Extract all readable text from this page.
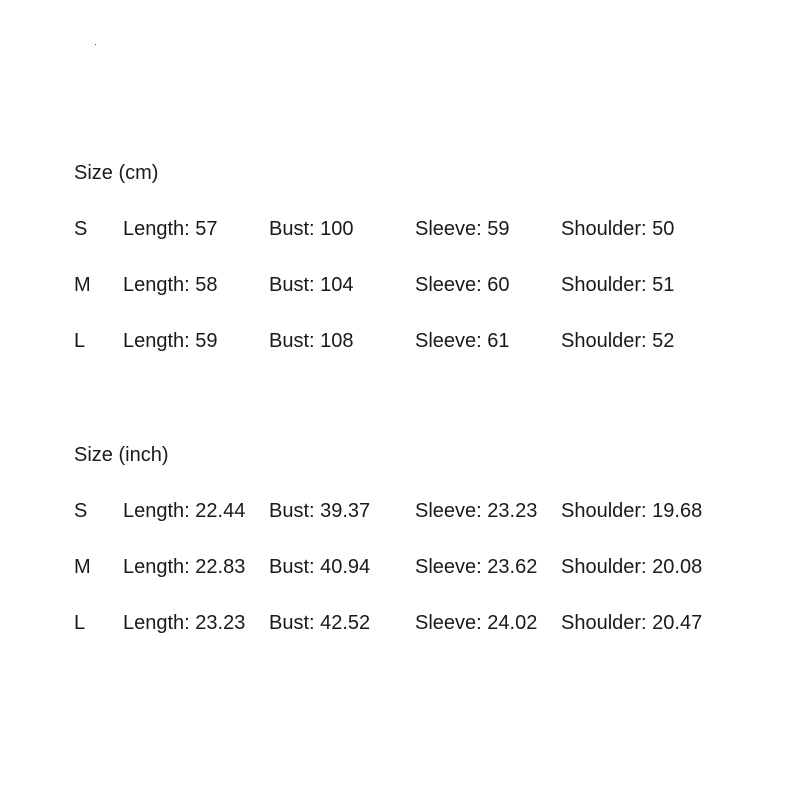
Size (cm)
S Length: 57	Bust: 100	Sleeve: 59	Shoulder: 50
M Length: 58	Bust: 104	Sleeve: 60	Shoulder: 51
L Length: 59	Bust: 108	Sleeve: 61	Shoulder: 52
Size (inch)
S Length: 22.44 Bust: 39.37 Sleeve: 23.23 Shoulder: 19.68
M Length: 22.83 Bust: 40.94 Sleeve: 23.62 Shoulder: 20.08
L Length: 23.23 Bust: 42.52 Sleeve: 24.02 Shoulder: 20.47
